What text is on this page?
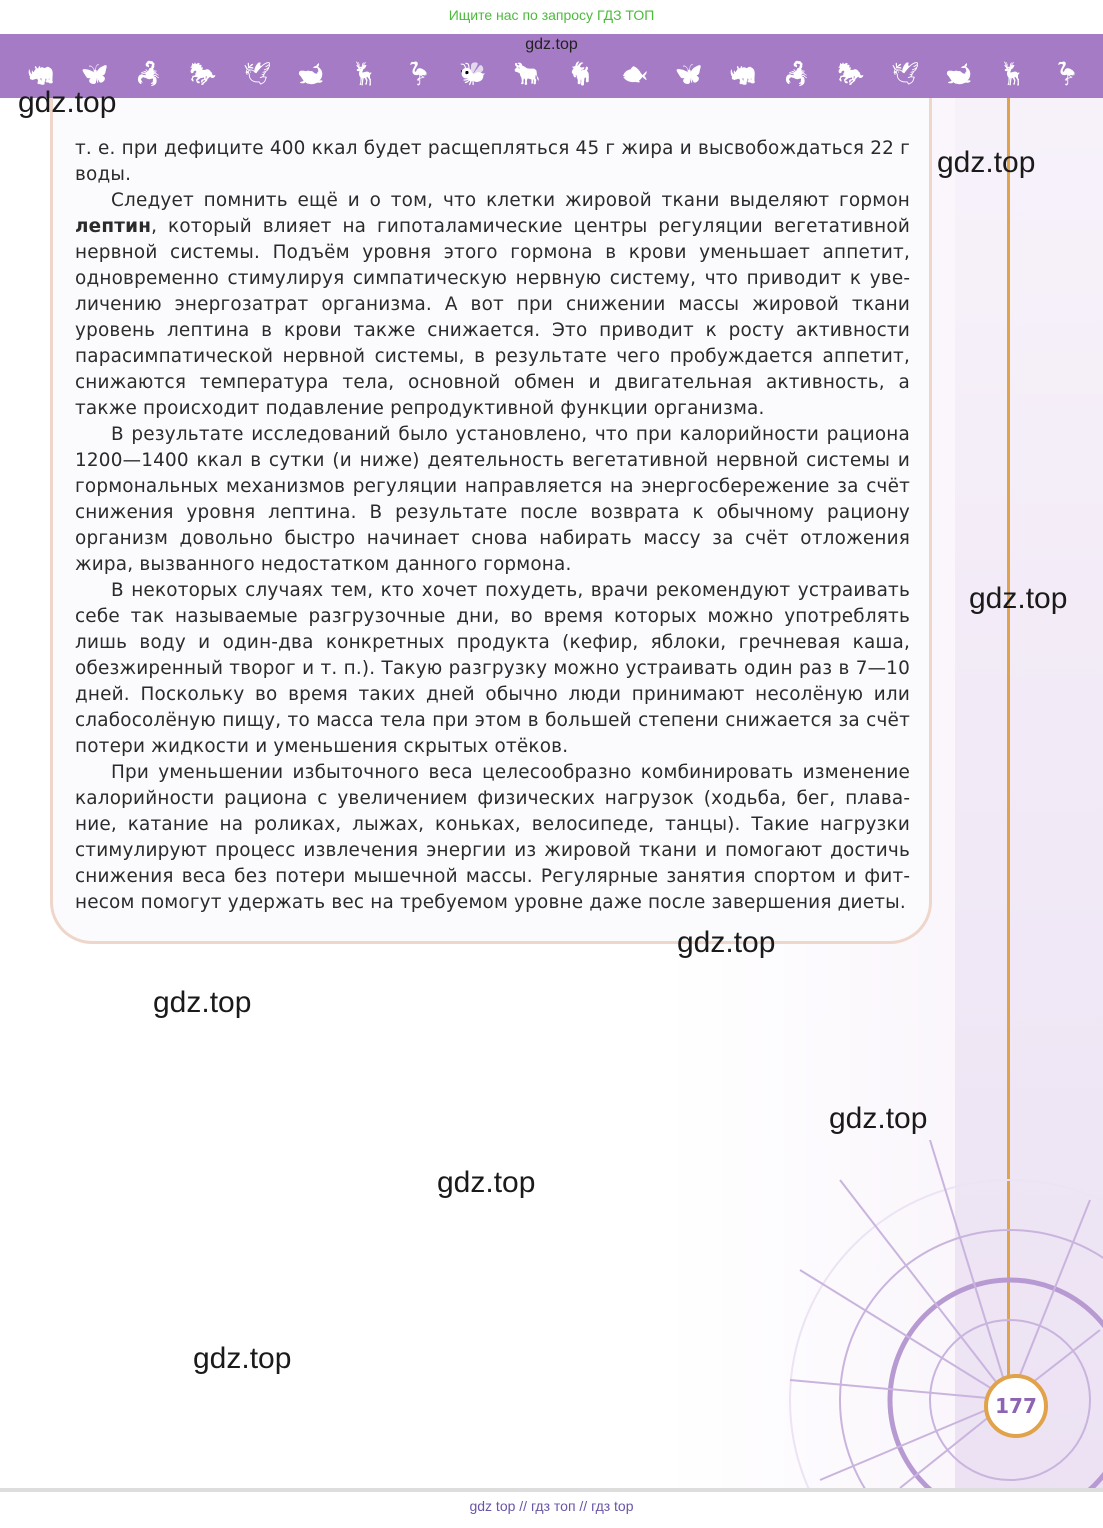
Ищите нас по запросу ГДЗ ТОП
gdz.top
🦏 🦋 🦂 🐎 🕊 🐋 🦌 🦩 🐝 🐂 🐐 🐟 🦋 🦏 🦂 🐎 🕊 🐋 🦌 🦩

т. е. при дефиците 400 ккал будет расщепляться 45 г жира и высвобождаться 22 г воды.

Следует помнить ещё и о том, что клетки жировой ткани выделяют гормон лептин, который влияет на гипоталамические центры регуляции вегетативной нервной системы. Подъём уровня этого гормона в крови уменьшает аппетит, одновременно стимулируя симпатическую нервную систему, что приводит к увеличению энергозатрат организма. А вот при снижении массы жировой ткани уровень лептина в крови также снижается. Это приводит к росту активности парасимпатической нервной системы, в результате чего пробуждается аппетит, снижаются температура тела, основной обмен и двигательная активность, а также происходит подавление репродуктивной функции организма.

В результате исследований было установлено, что при калорийности рациона 1200—1400 ккал в сутки (и ниже) деятельность вегетативной нервной системы и гормональных механизмов регуляции направляется на энергосбережение за счёт снижения уровня лептина. В результате после возврата к обычному рациону организм довольно быстро начинает снова набирать массу за счёт отложения жира, вызванного недостатком данного гормона.

В некоторых случаях тем, кто хочет похудеть, врачи рекомендуют устраивать себе так называемые разгрузочные дни, во время которых можно употреблять лишь воду и один-два конкретных продукта (кефир, яблоки, гречневая каша, обезжиренный творог и т. п.). Такую разгрузку можно устраивать один раз в 7—10 дней. Поскольку во время таких дней обычно люди принимают несолёную или слабосолёную пищу, то масса тела при этом в большей степени снижается за счёт потери жидкости и уменьшения скрытых отёков.

При уменьшении избыточного веса целесообразно комбинировать изменение калорийности рациона с увеличением физических нагрузок (ходьба, бег, плавание, катание на роликах, лыжах, коньках, велосипеде, танцы). Такие нагрузки стимулируют процесс извлечения энергии из жировой ткани и помогают достичь снижения веса без потери мышечной массы. Регулярные занятия спортом и фитнесом помогут удержать вес на требуемом уровне даже после завершения диеты.

177
gdz.top
gdz.top
gdz.top
gdz.top
gdz.top
gdz.top
gdz.top
gdz.top
gdz top // гдз топ // гдз top
